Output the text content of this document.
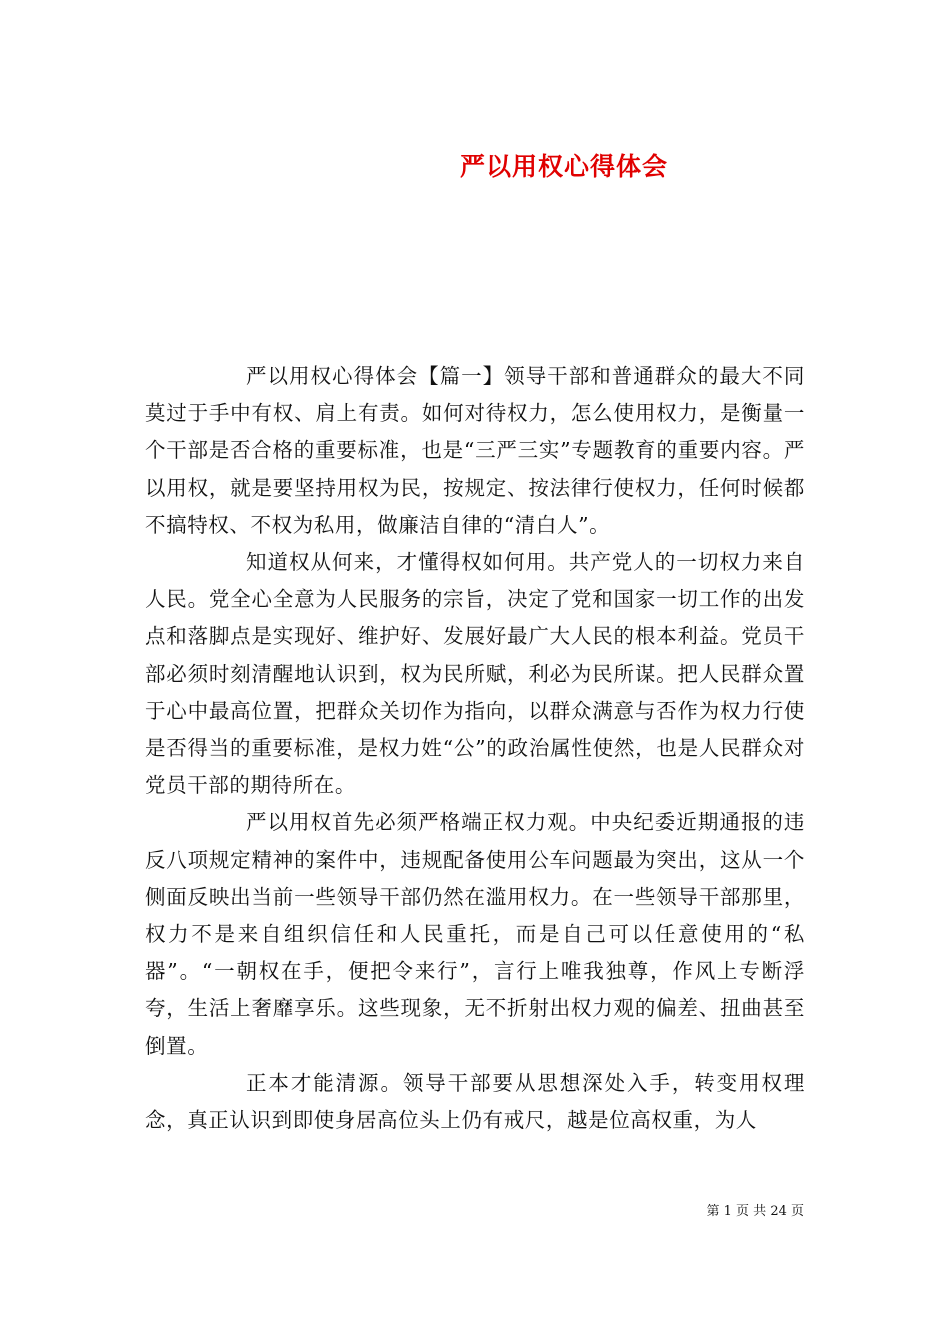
严以用权心得体会

严以用权心得体会【篇一】领导干部和普通群众的最大不同莫过于手中有权、肩上有责。如何对待权力，怎么使用权力，是衡量一个干部是否合格的重要标准，也是“三严三实”专题教育的重要内容。严以用权，就是要坚持用权为民，按规定、按法律行使权力，任何时候都不搞特权、不权为私用，做廉洁自律的“清白人”。

知道权从何来，才懂得权如何用。共产党人的一切权力来自人民。党全心全意为人民服务的宗旨，决定了党和国家一切工作的出发点和落脚点是实现好、维护好、发展好最广大人民的根本利益。党员干部必须时刻清醒地认识到，权为民所赋，利必为民所谋。把人民群众置于心中最高位置，把群众关切作为指向，以群众满意与否作为权力行使是否得当的重要标准，是权力姓“公”的政治属性使然，也是人民群众对党员干部的期待所在。

严以用权首先必须严格端正权力观。中央纪委近期通报的违反八项规定精神的案件中，违规配备使用公车问题最为突出，这从一个侧面反映出当前一些领导干部仍然在滥用权力。在一些领导干部那里，权力不是来自组织信任和人民重托，而是自己可以任意使用的“私器”。“一朝权在手，便把令来行”，言行上唯我独尊，作风上专断浮夸，生活上奢靡享乐。这些现象，无不折射出权力观的偏差、扭曲甚至倒置。

正本才能清源。领导干部要从思想深处入手，转变用权理念，真正认识到即使身居高位头上仍有戒尺，越是位高权重，为人

第 1 页 共 24 页
